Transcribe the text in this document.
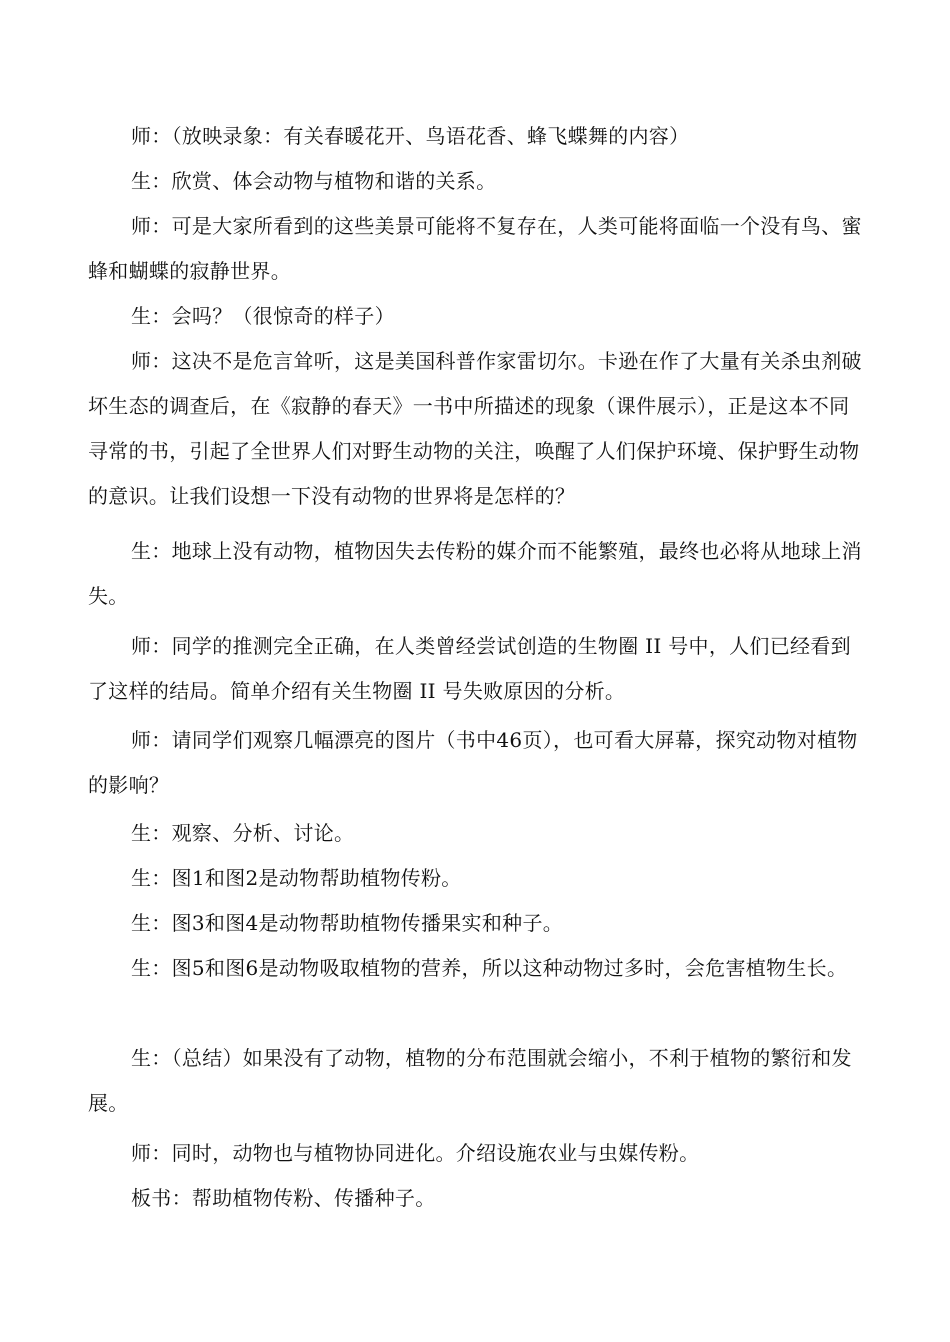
师：（放映录象：有关春暖花开、鸟语花香、蜂飞蝶舞的内容）

生：欣赏、体会动物与植物和谐的关系。

师：可是大家所看到的这些美景可能将不复存在，人类可能将面临一个没有鸟、蜜蜂和蝴蝶的寂静世界。

生：会吗？（很惊奇的样子）

师：这决不是危言耸听，这是美国科普作家雷切尔。卡逊在作了大量有关杀虫剂破坏生态的调查后，在《寂静的春天》一书中所描述的现象（课件展示），正是这本不同寻常的书，引起了全世界人们对野生动物的关注，唤醒了人们保护环境、保护野生动物的意识。让我们设想一下没有动物的世界将是怎样的？

生：地球上没有动物，植物因失去传粉的媒介而不能繁殖，最终也必将从地球上消失。

师：同学的推测完全正确，在人类曾经尝试创造的生物圈 II 号中，人们已经看到了这样的结局。简单介绍有关生物圈 II 号失败原因的分析。

师：请同学们观察几幅漂亮的图片（书中46页），也可看大屏幕，探究动物对植物的影响？

生：观察、分析、讨论。

生：图1和图2是动物帮助植物传粉。

生：图3和图4是动物帮助植物传播果实和种子。

生：图5和图6是动物吸取植物的营养，所以这种动物过多时，会危害植物生长。

生：（总结）如果没有了动物，植物的分布范围就会缩小，不利于植物的繁衍和发展。

师：同时，动物也与植物协同进化。介绍设施农业与虫媒传粉。

板书：帮助植物传粉、传播种子。
